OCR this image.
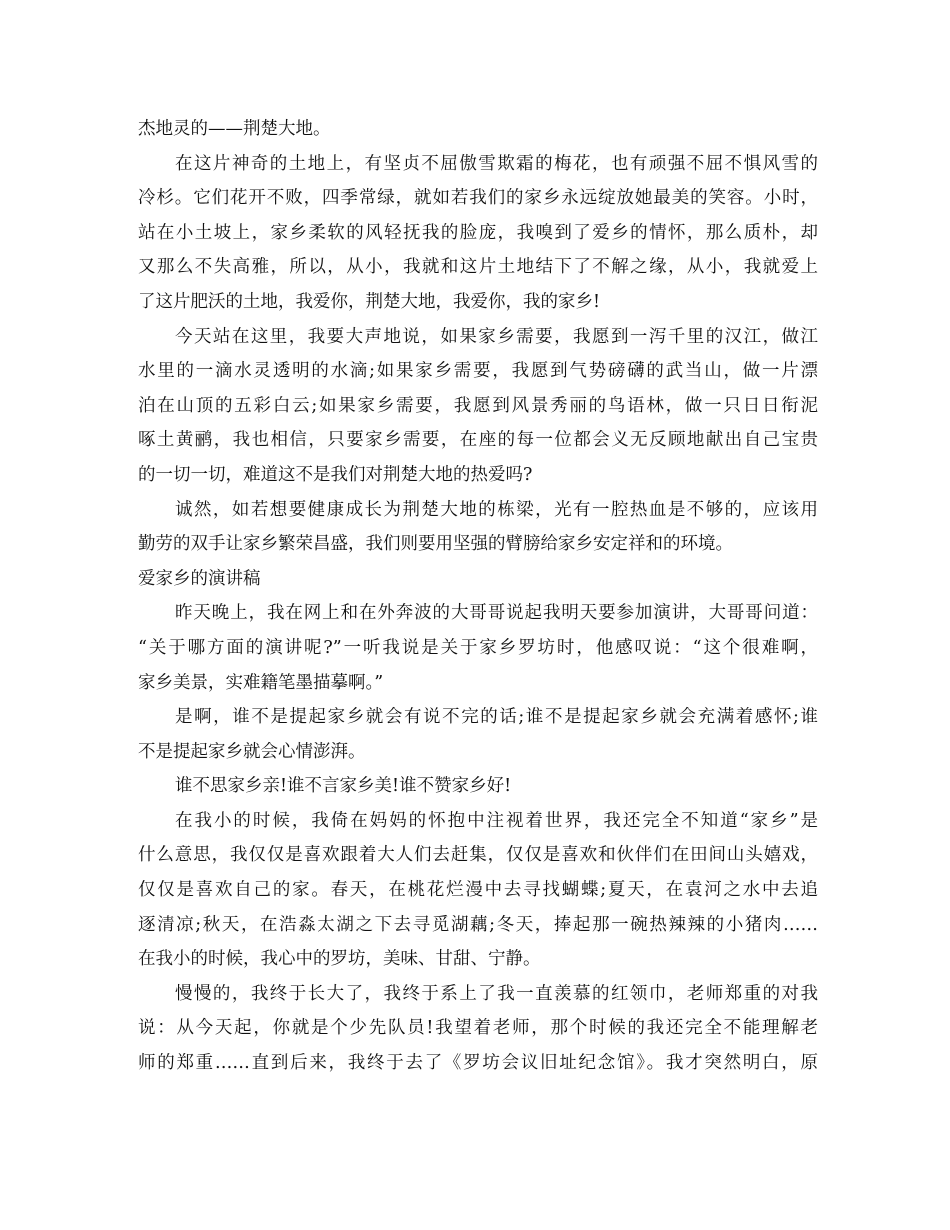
杰地灵的——荆楚大地。
在这片神奇的土地上，有坚贞不屈傲雪欺霜的梅花，也有顽强不屈不惧风雪的
冷杉。它们花开不败，四季常绿，就如若我们的家乡永远绽放她最美的笑容。小时，
站在小土坡上，家乡柔软的风轻抚我的脸庞，我嗅到了爱乡的情怀，那么质朴，却
又那么不失高雅，所以，从小，我就和这片土地结下了不解之缘，从小，我就爱上
了这片肥沃的土地，我爱你，荆楚大地，我爱你，我的家乡!
今天站在这里，我要大声地说，如果家乡需要，我愿到一泻千里的汉江，做江
水里的一滴水灵透明的水滴;如果家乡需要，我愿到气势磅礴的武当山，做一片漂
泊在山顶的五彩白云;如果家乡需要，我愿到风景秀丽的鸟语林，做一只日日衔泥
啄土黄鹂，我也相信，只要家乡需要，在座的每一位都会义无反顾地献出自己宝贵
的一切一切，难道这不是我们对荆楚大地的热爱吗?
诚然，如若想要健康成长为荆楚大地的栋梁，光有一腔热血是不够的，应该用
勤劳的双手让家乡繁荣昌盛，我们则要用坚强的臂膀给家乡安定祥和的环境。
爱家乡的演讲稿
昨天晚上，我在网上和在外奔波的大哥哥说起我明天要参加演讲，大哥哥问道：
“关于哪方面的演讲呢?”一听我说是关于家乡罗坊时，他感叹说：“这个很难啊，
家乡美景，实难籍笔墨描摹啊。”
是啊，谁不是提起家乡就会有说不完的话;谁不是提起家乡就会充满着感怀;谁
不是提起家乡就会心情澎湃。
谁不思家乡亲!谁不言家乡美!谁不赞家乡好!
在我小的时候，我倚在妈妈的怀抱中注视着世界，我还完全不知道“家乡”是
什么意思，我仅仅是喜欢跟着大人们去赶集，仅仅是喜欢和伙伴们在田间山头嬉戏，
仅仅是喜欢自己的家。春天，在桃花烂漫中去寻找蝴蝶;夏天，在袁河之水中去追
逐清凉;秋天，在浩淼太湖之下去寻觅湖藕;冬天，捧起那一碗热辣辣的小猪肉……
在我小的时候，我心中的罗坊，美味、甘甜、宁静。
慢慢的，我终于长大了，我终于系上了我一直羡慕的红领巾，老师郑重的对我
说：从今天起，你就是个少先队员!我望着老师，那个时候的我还完全不能理解老
师的郑重……直到后来，我终于去了《罗坊会议旧址纪念馆》。我才突然明白，原
